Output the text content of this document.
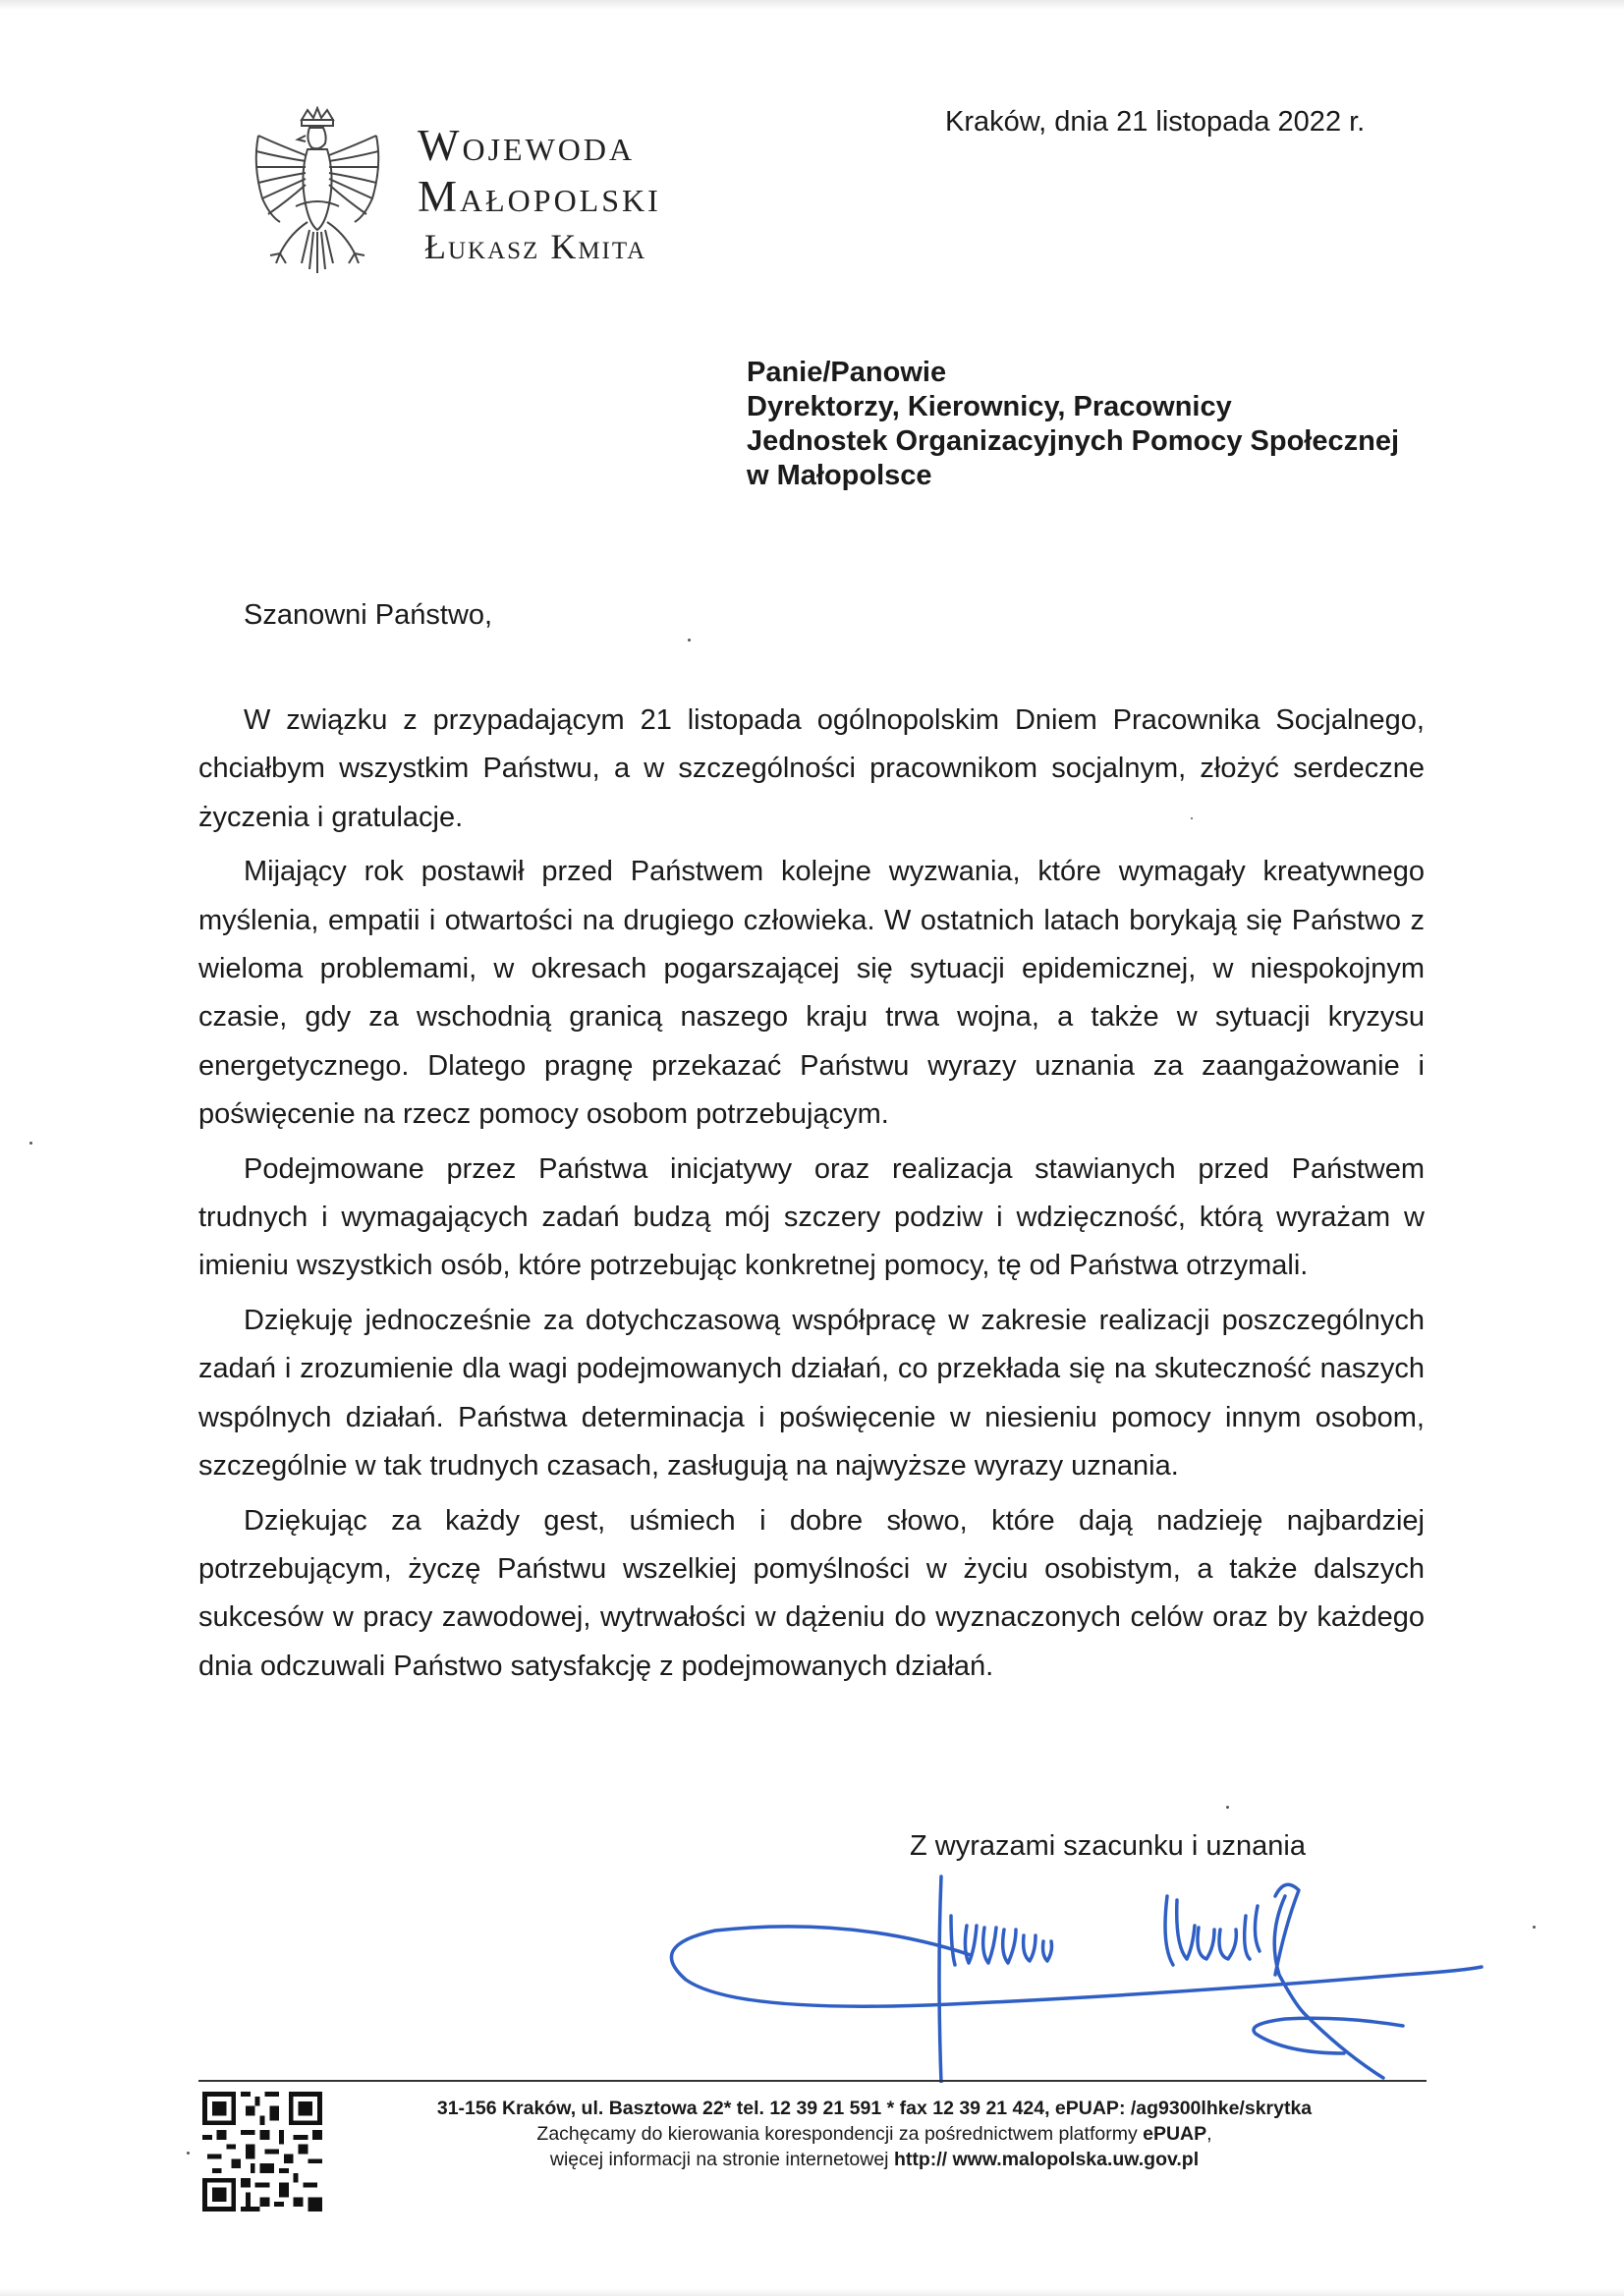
Wojewoda
Małopolski
Łukasz Kmita
Kraków, dnia 21 listopada 2022 r.
Panie/Panowie
Dyrektorzy, Kierownicy, Pracownicy
Jednostek Organizacyjnych Pomocy Społecznej
w Małopolsce
Szanowni Państwo,

W związku z przypadającym 21 listopada ogólnopolskim Dniem Pracownika Socjalnego, chciałbym wszystkim Państwu, a w szczególności pracownikom socjalnym, złożyć serdeczne życzenia i gratulacje.

Mijający rok postawił przed Państwem kolejne wyzwania, które wymagały kreatywnego myślenia, empatii i otwartości na drugiego człowieka. W ostatnich latach borykają się Państwo z wieloma problemami, w okresach pogarszającej się sytuacji epidemicznej, w niespokojnym czasie, gdy za wschodnią granicą naszego kraju trwa wojna, a także w sytuacji kryzysu energetycznego. Dlatego pragnę przekazać Państwu wyrazy uznania za zaangażowanie i poświęcenie na rzecz pomocy osobom potrzebującym.

Podejmowane przez Państwa inicjatywy oraz realizacja stawianych przed Państwem trudnych i wymagających zadań budzą mój szczery podziw i wdzięczność, którą wyrażam w imieniu wszystkich osób, które potrzebując konkretnej pomocy, tę od Państwa otrzymali.

Dziękuję jednocześnie za dotychczasową współpracę w zakresie realizacji poszczególnych zadań i zrozumienie dla wagi podejmowanych działań, co przekłada się na skuteczność naszych wspólnych działań. Państwa determinacja i poświęcenie w niesieniu pomocy innym osobom, szczególnie w tak trudnych czasach, zasługują na najwyższe wyrazy uznania.

Dziękując za każdy gest, uśmiech i dobre słowo, które dają nadzieję najbardziej potrzebującym, życzę Państwu wszelkiej pomyślności w życiu osobistym, a także dalszych sukcesów w pracy zawodowej, wytrwałości w dążeniu do wyznaczonych celów oraz by każdego dnia odczuwali Państwo satysfakcję z podejmowanych działań.

Z wyrazami szacunku i uznania
31-156 Kraków, ul. Basztowa 22* tel. 12 39 21 591 * fax 12 39 21 424, ePUAP: /ag9300lhke/skrytka
Zachęcamy do kierowania korespondencji za pośrednictwem platformy ePUAP,
więcej informacji na stronie internetowej http:// www.malopolska.uw.gov.pl
